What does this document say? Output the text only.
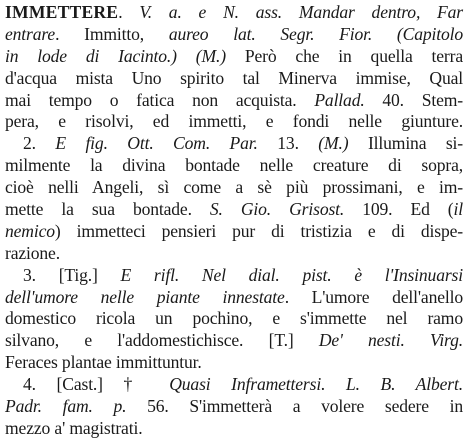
IMMETTERE. V. a. e N. ass. Mandar dentro, Far
entrare. Immitto, aureo lat. Segr. Fior. (Capitolo
in lode di Iacinto.) (M.) Però che in quella terra
d'acqua mista Uno spirito tal Minerva immise, Qual
mai tempo o fatica non acquista. Pallad. 40. Stem-
pera, e risolvi, ed immetti, e fondi nelle giunture.
2. E fig. Ott. Com. Par. 13. (M.) Illumina si-
milmente la divina bontade nelle creature di sopra,
cioè nelli Angeli, sì come a sè più prossimani, e im-
mette la sua bontade. S. Gio. Grisost. 109. Ed (il
nemico) immetteci pensieri pur di tristizia e di dispe-
razione.
3. [Tig.] E rifl. Nel dial. pist. è l'Insinuarsi
dell'umore nelle piante innestate. L'umore dell'anello
domestico ricola un pochino, e s'immette nel ramo
silvano, e l'addomestichisce. [T.] De' nesti. Virg.
Feraces plantae immittuntur.
4. [Cast.] † Quasi Inframettersi. L. B. Albert.
Padr. fam. p. 56. S'immetterà a volere sedere in
mezzo a' magistrati.
